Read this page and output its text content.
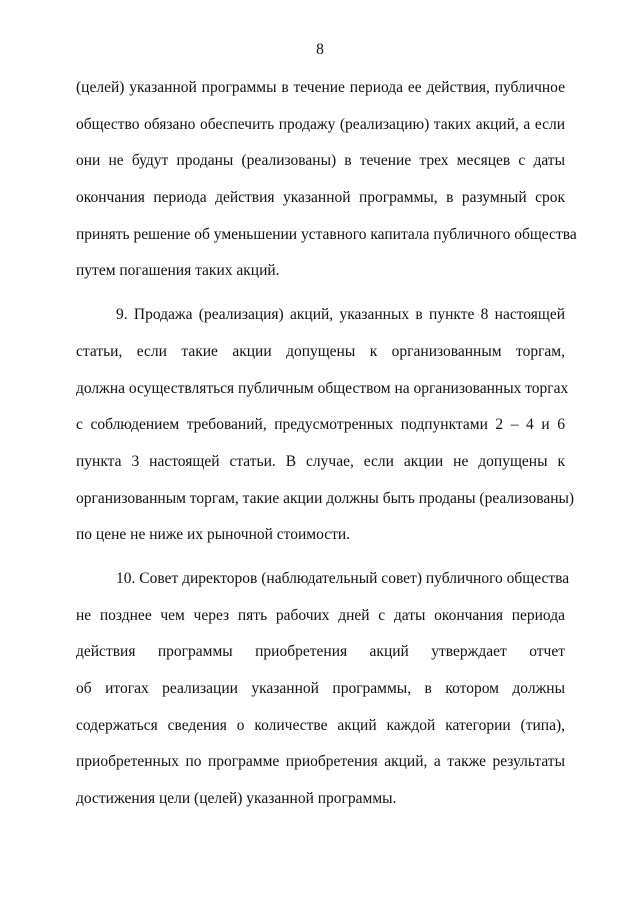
8
(целей) указанной программы в течение периода ее действия, публичное
общество обязано обеспечить продажу (реализацию) таких акций, а если
они не будут проданы (реализованы) в течение трех месяцев с даты
окончания периода действия указанной программы, в разумный срок
принять решение об уменьшении уставного капитала публичного общества
путем погашения таких акций.
9. Продажа (реализация) акций, указанных в пункте 8 настоящей
статьи, если такие акции допущены к организованным торгам,
должна осуществляться публичным обществом на организованных торгах
с соблюдением требований, предусмотренных подпунктами 2 – 4 и 6
пункта 3 настоящей статьи. В случае, если акции не допущены к
организованным торгам, такие акции должны быть проданы (реализованы)
по цене не ниже их рыночной стоимости.
10. Совет директоров (наблюдательный совет) публичного общества
не позднее чем через пять рабочих дней с даты окончания периода
действия программы приобретения акций утверждает отчет
об итогах реализации указанной программы, в котором должны
содержаться сведения о количестве акций каждой категории (типа),
приобретенных по программе приобретения акций, а также результаты
достижения цели (целей) указанной программы.
